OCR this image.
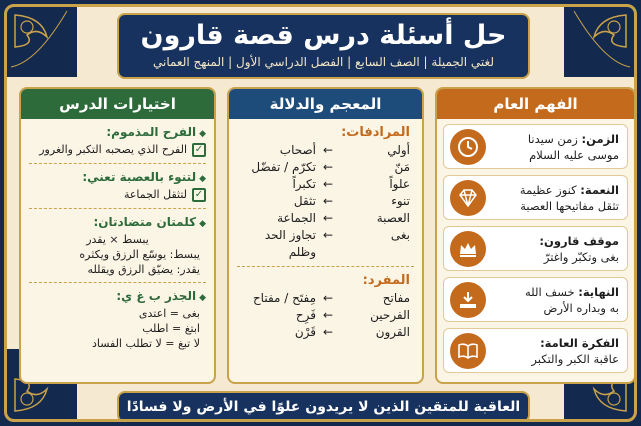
حل أسئلة درس قصة قارون
لغتي الجميلة | الصف السابع | الفصل الدراسي الأول | المنهج العماني
اختيارات الدرس
◆الفرح المذموم:
✓
الفرح الذي يصحبه التكبر والغرور
◆لتنوء بالعصبة تعني:
✓
لتثقل الجماعة
◆كلمتان متضادتان:
يبسط × يقدر
يبسط: يوسّع الرزق ويكثره
يقدر: يضيّق الرزق ويقلله
◆الجذر ب غ ي:
بغى = اعتدى
ابتغ = اطلب
لا تبغ = لا تطلب الفساد
المعجم والدلالة
المرادفات:
أولي
←
أصحاب
مَنّ
←
تكرّم / تفضّل
علواً
←
تكبراً
تنوء
←
تثقل
العصبة
←
الجماعة
بغى
←
تجاوز الحد وظلم
المفرد:
مفاتح
←
مِفتَح / مفتاح
الفرحين
←
فَرِح
القرون
←
قَرْن
الفهم العام
الزمن: زمن سيدنا
موسى عليه السلام
النعمة: كنوز عظيمة
تثقل مفاتيحها العصبة
موقف قارون:
بغى وتكبّر واغترّ
النهاية: خسف الله
به وبداره الأرض
الفكرة العامة:
عاقبة الكبر والتكبر
العاقبة للمتقين الذين لا يريدون علوًا في الأرض ولا فسادًا
